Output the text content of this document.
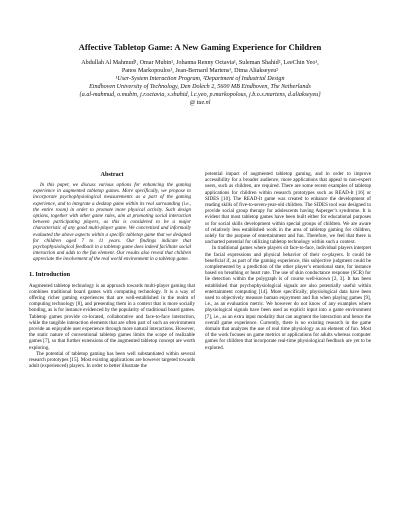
Affective Tabletop Game: A New Gaming Experience for Children
Abdullah Al Mahmud¹, Omar Mubin¹, Johanna Renny Octavia¹, Suleman Shahid², LeeChin Yeo¹,
Panos Markopoulos¹, Jean-Bernard Martens¹, Dima Aliakseyeu²
¹User-System Interaction Program, ²Department of Industrial Design
Eindhoven University of Technology, Den Dolech 2, 5600 MB Eindhoven, The Netherlands
{a.al-mahmud, o.mubin, j.r.octavia, s.shahid, l.c.yeo, p.markopolous, j.b.o.s.martens, d.aliakseyeu}
@ tue.nl
Abstract

In this paper, we discuss various options for enhancing the gaming experience in augmented tabletop games. More specifically, we propose to incorporate psychophysiological measurements as a part of the gaming experience, and to integrate a desktop game within its real surrounding (i.e., the entire room) in order to promote more physical activity. Such design options, together with other game rules, aim at promoting social interaction between participating players, as this is considered to be a major characteristic of any good multi-player game. We concretized and informally evaluated the above aspects within a specific tabletop game that we designed for children aged 7 to 11 years. Our findings indicate that psychophysiological feedback in a tabletop game does indeed facilitate social interaction and adds to the fun element. Our results also reveal that children appreciate the involvement of the real world environment in a tabletop game.

1. Introduction

Augmented tabletop technology is an approach towards multi-player gaming that combines traditional board games with computing technology. It is a way of offering richer gaming experiences that are well-established in the realm of computing technology [8], and presenting them in a context that is more socially bonding, as is for instance evidenced by the popularity of traditional board games. Tabletop games provide co-located, collaborative and face-to-face interaction, while the tangible interaction elements that are often part of such an environment provide an enjoyable user experience through more natural interactions. However, the static nature of conventional tabletop games limits the scope of realizable games [7], so that further extensions of the augmented tabletop concept are worth exploring.

The potential of tabletop gaming has been well substantiated within several research prototypes [15]. Most existing applications are however targeted towards adult (experienced) players. In order to better illustrate the

potential impact of augmented tabletop gaming, and in order to improve accessibility for a broader audience, more applications that appeal to non-expert users, such as children, are required. There are some recent examples of tabletop applications for children within research prototypes such as READ-It [16] or SIDES [10]. The READ-It game was created to enhance the development of reading skills of five-to-seven-year-old children. The SIDES tool was designed to provide social group therapy for adolescents having Asperger’s syndrome. It is evident that most tabletop games have been built either for educational purposes or for social skills development within special groups of children. We are aware of relatively less established work in the area of tabletop gaming for children, solely for the purpose of entertainment and fun. Therefore, we feel that there is uncharted potential for utilizing tabletop technology within such a context.

In traditional games where players sit face-to-face, individual players interpret the facial expressions and physical behavior of their co-players. It could be beneficial if, as part of the gaming experience, this subjective judgment could be complemented by a prediction of the other player’s emotional state, for instance based on breathing or heart rate. The use of skin conductance response (SCR) for lie detection within the polygraph is of course well-known [2, 3]. It has been established that psychophysiological signals are also potentially useful within entertainment computing [14]. More specifically, physiological data have been used to objectively measure human enjoyment and fun when playing games [9], i.e., as an evaluation metric. We however do not know of any examples where physiological signals have been used as explicit input into a game environment [7], i.e., as an extra input modality that can augment the interaction and hence the overall game experience. Currently, there is no existing research in the game domain that analyzes the use of real time physiology as an element of fun. Most of the work focuses on game metrics or applications for adults whereas computer games for children that incorporate real-time physiological feedback are yet to be explored.
